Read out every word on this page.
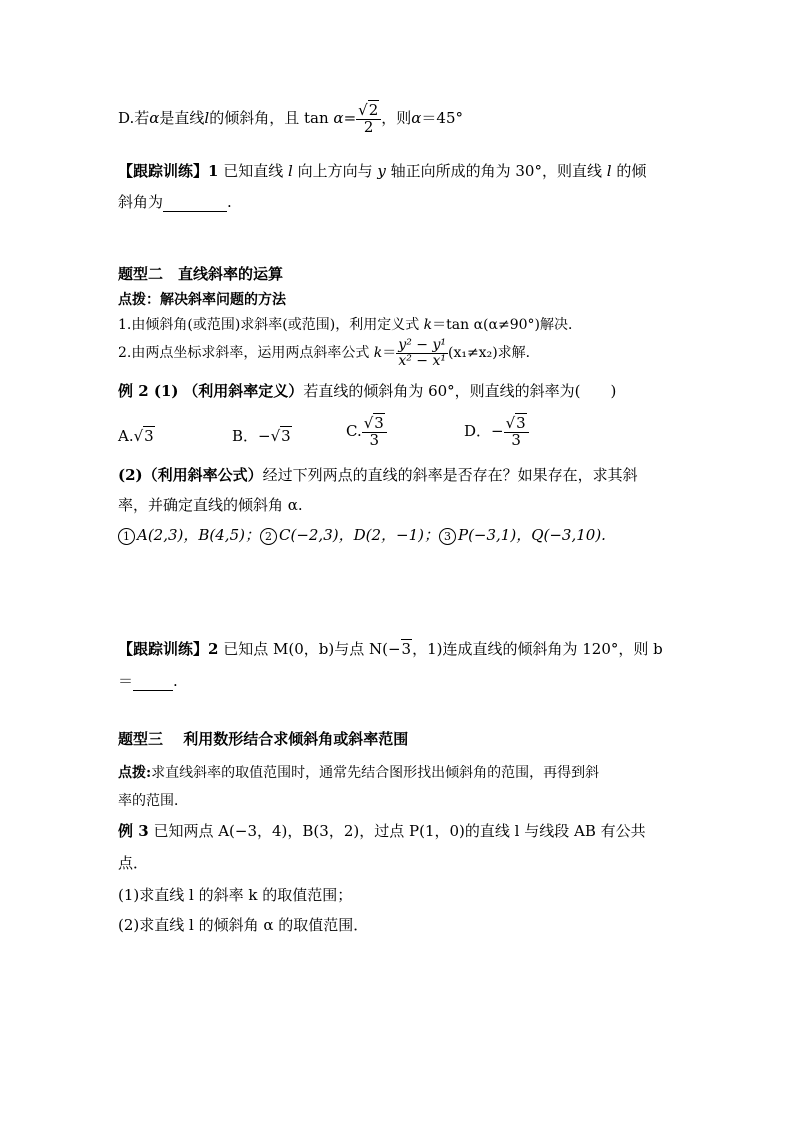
D.若α是直线l的倾斜角，且 $\tan \alpha= \frac{√2}{2}$ ，则α＝45°
【跟踪训练】1 已知直线 l 向上方向与 y 轴正向所成的角为 30°，则直线 l 的倾
斜角为	.
题型二　直线斜率的运算
点拨：解决斜率问题的方法
1.由倾斜角(或范围)求斜率(或范围)，利用定义式 k＝tan α(α≠90°)解决．
2.由两点坐标求斜率，运用两点斜率公式 $k= \frac{\text{y² − y¹}}{\text{x² − x¹}} (x_1\ne x_2)$求解．
例 2 (1) （利用斜率定义）若直线的倾斜角为 60°，则直线的斜率为(　　)
A.√3	B．−√3	C. $\frac{√3}{3}$	D．− $\frac{√3}{3}$
(2)（利用斜率公式）经过下列两点的直线的斜率是否存在？如果存在，求其斜
率，并确定直线的倾斜角 α.
1 A(2,3)，B(4,5)； 2 C(−2,3)，D(2，−1)； 3 P(−3,1)，Q(−3,10).
【跟踪训练】2 已知点 M(0，b)与点 N(−3，1)连成直线的倾斜角为 120°，则 b
＝	.
题型三　 利用数形结合求倾斜角或斜率范围
点拨:求直线斜率的取值范围时，通常先结合图形找出倾斜角的范围，再得到斜
率的范围．
例 3 已知两点 A(−3，4)，B(3，2)，过点 P(1，0)的直线 l 与线段 AB 有公共
点．
(1)求直线 l 的斜率 k 的取值范围；
(2)求直线 l 的倾斜角 α 的取值范围．
